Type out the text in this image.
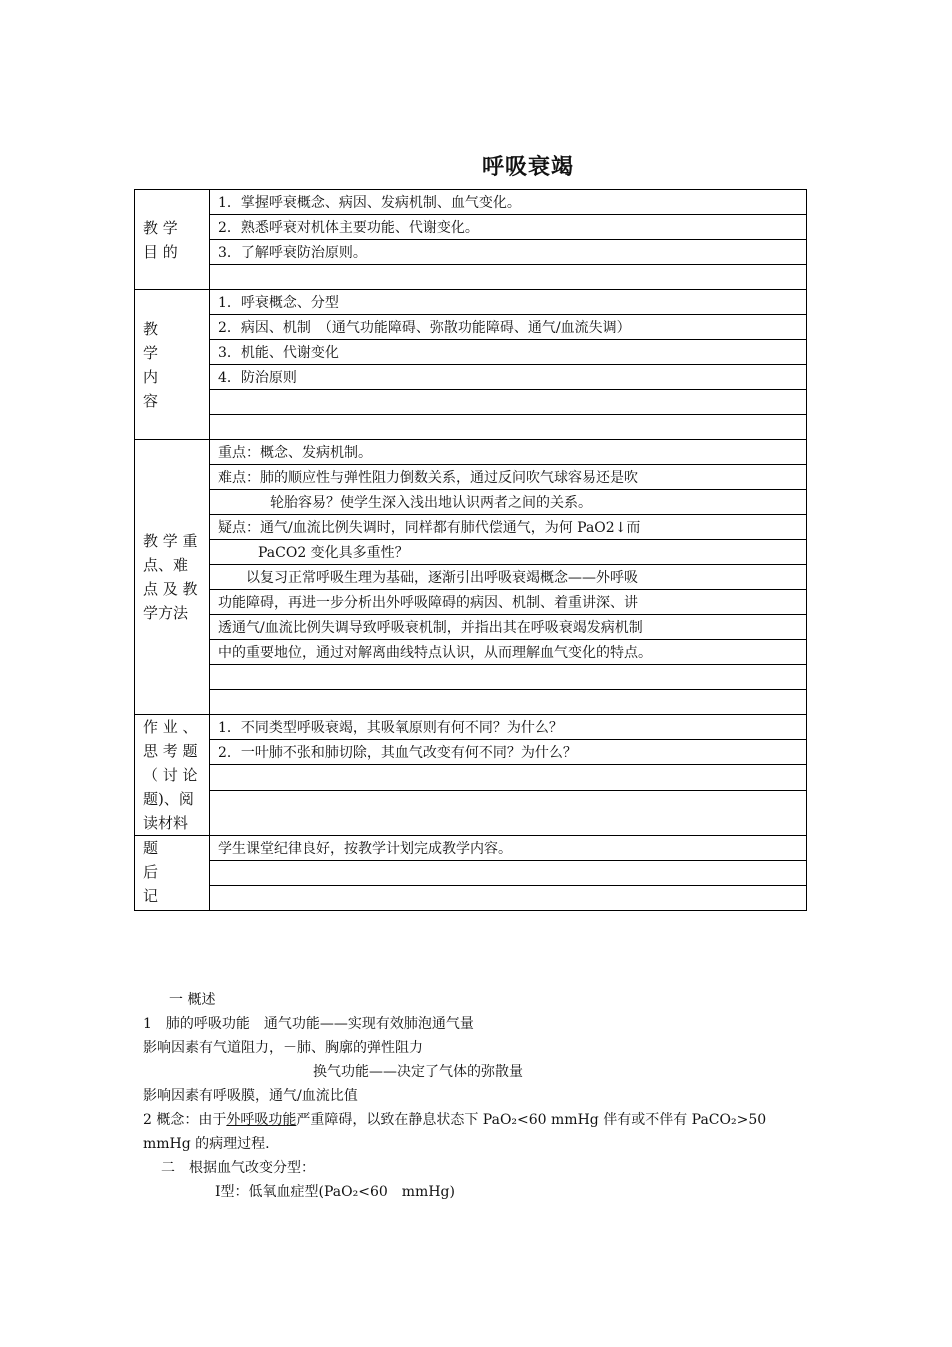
呼吸衰竭
教 学
目 的	1．掌握呼衰概念、病因、发病机制、血气变化。
	2．熟悉呼衰对机体主要功能、代谢变化。
	3．了解呼衰防治原则。

教
学
内
容	1．呼衰概念、分型
	2．病因、机制　（通气功能障碍、弥散功能障碍、通气/血流失调）
	3．机能、代谢变化
	4．防治原则

教 学 重
点、难
点 及 教
学方法	重点：概念、发病机制。
	难点：肺的顺应性与弹性阻力倒数关系，通过反问吹气球容易还是吹
	轮胎容易？使学生深入浅出地认识两者之间的关系。
	疑点：通气/血流比例失调时，同样都有肺代偿通气，为何 PaO2↓而
	PaCO2 变化具多重性？
	以复习正常呼吸生理为基础，逐渐引出呼吸衰竭概念——外呼吸
	功能障碍，再进一步分析出外呼吸障碍的病因、机制、着重讲深、讲
	透通气/血流比例失调导致呼吸衰机制，并指出其在呼吸衰竭发病机制
	中的重要地位，通过对解离曲线特点认识，从而理解血气变化的特点。

作 业 、
思 考 题
（ 讨 论
题)、阅
读材料	1．不同类型呼吸衰竭，其吸氧原则有何不同？为什么？
	2．一叶肺不张和肺切除，其血气改变有何不同？为什么？

题
后
记	学生课堂纪律良好，按教学计划完成教学内容。

一 概述

1　肺的呼吸功能　通气功能——实现有效肺泡通气量

影响因素有气道阻力，－肺、胸廓的弹性阻力

换气功能——决定了气体的弥散量

影响因素有呼吸膜，通气/血流比值

2 概念：由于外呼吸功能严重障碍，以致在静息状态下 PaO₂<60 mmHg 伴有或不伴有 PaCO₂>50

mmHg 的病理过程.

二　根据血气改变分型：

Ⅰ型：低氧血症型(PaO₂<60　mmHg)
